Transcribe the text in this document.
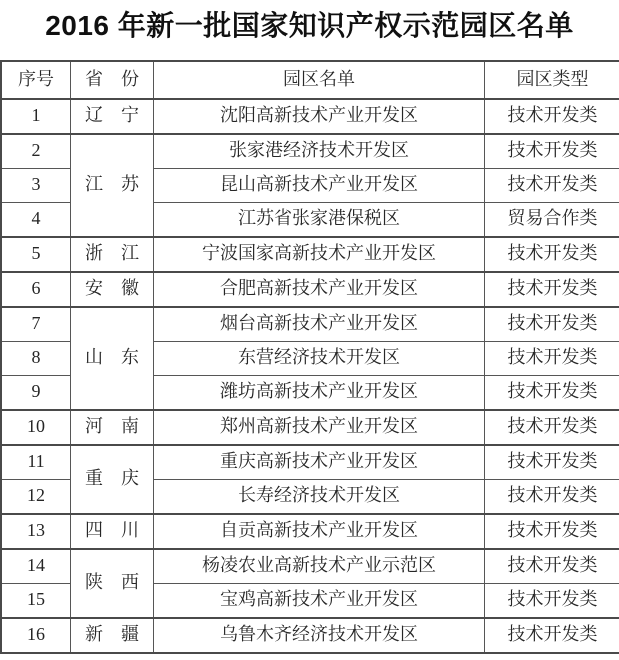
2016 年新一批国家知识产权示范园区名单
序号	省　份	园区名单	园区类型
1	辽　宁	沈阳高新技术产业开发区	技术开发类
2	江　苏	张家港经济技术开发区	技术开发类
3		昆山高新技术产业开发区	技术开发类
4		江苏省张家港保税区	贸易合作类
5	浙　江	宁波国家高新技术产业开发区	技术开发类
6	安　徽	合肥高新技术产业开发区	技术开发类
7	山　东	烟台高新技术产业开发区	技术开发类
8		东营经济技术开发区	技术开发类
9		潍坊高新技术产业开发区	技术开发类
10	河　南	郑州高新技术产业开发区	技术开发类
11	重　庆	重庆高新技术产业开发区	技术开发类
12		长寿经济技术开发区	技术开发类
13	四　川	自贡高新技术产业开发区	技术开发类
14	陕　西	杨凌农业高新技术产业示范区	技术开发类
15		宝鸡高新技术产业开发区	技术开发类
16	新　疆	乌鲁木齐经济技术开发区	技术开发类
